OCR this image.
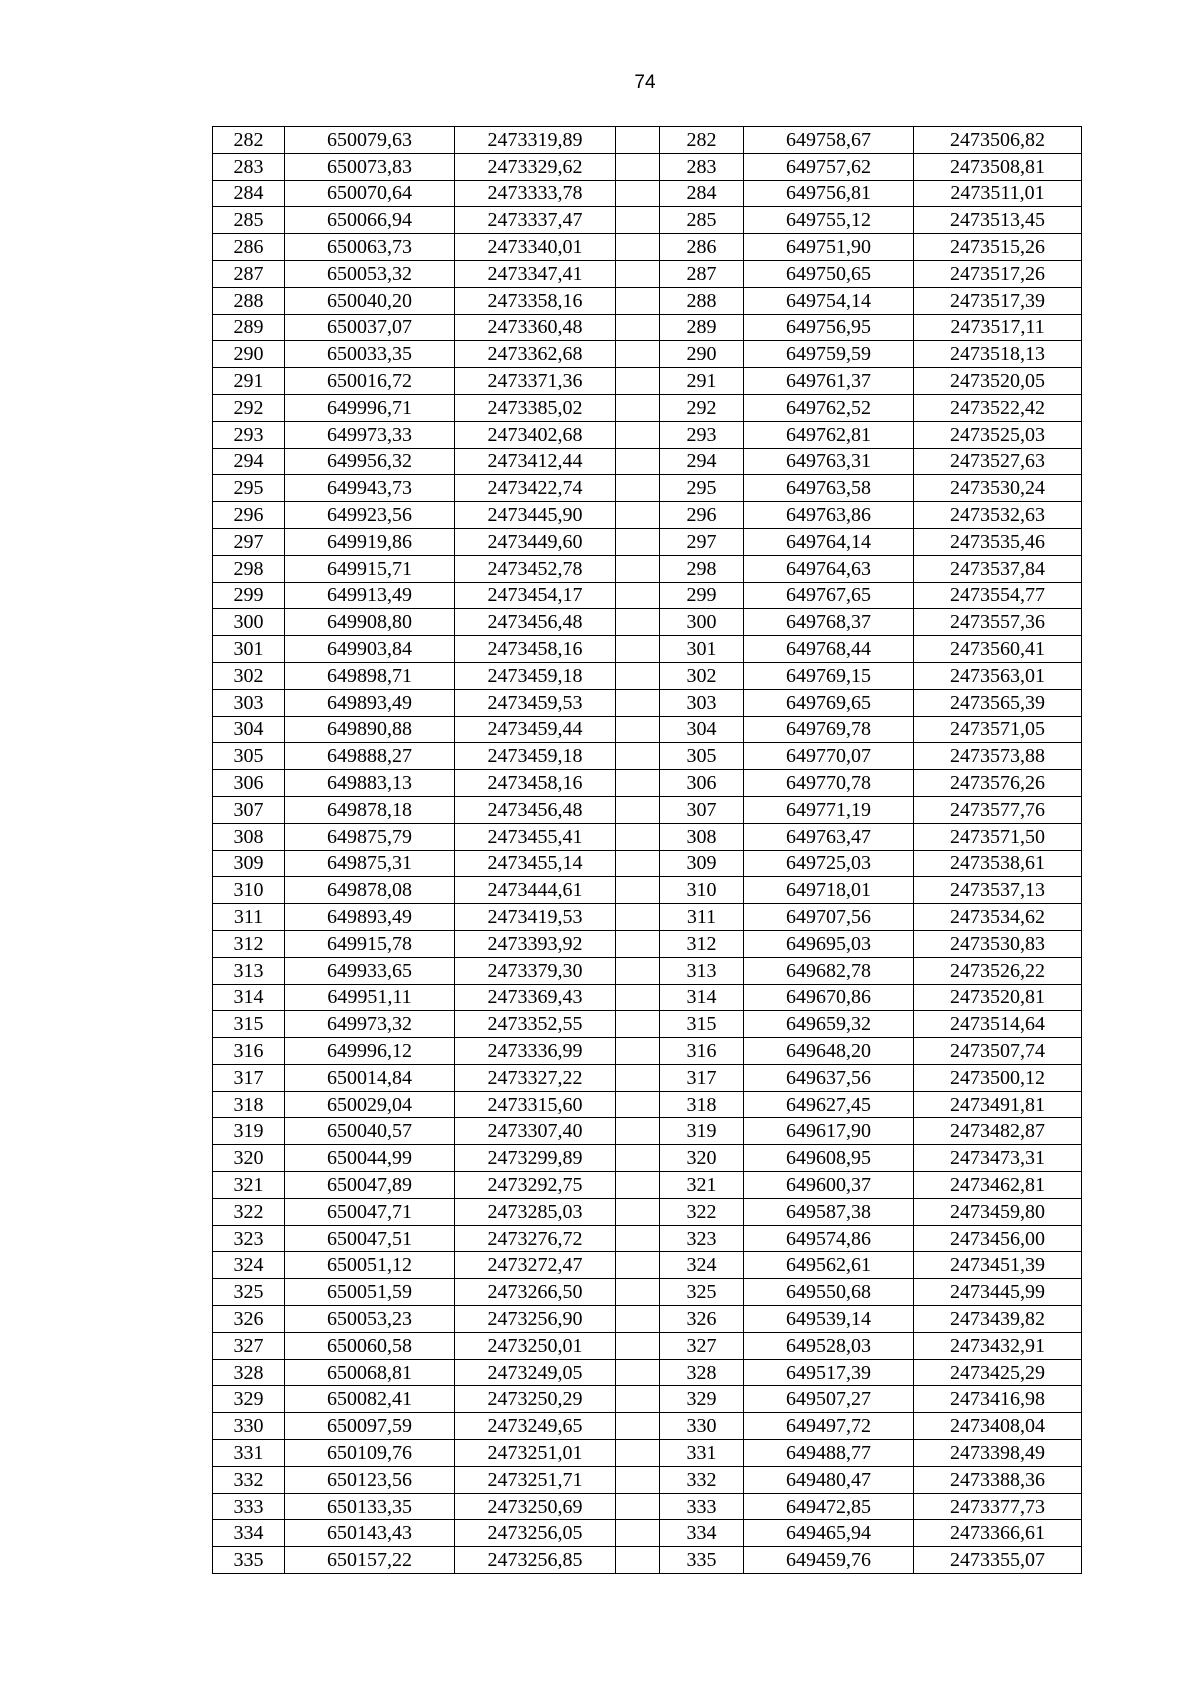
74
282	650079,63	2473319,89		282	649758,67	2473506,82
283	650073,83	2473329,62		283	649757,62	2473508,81
284	650070,64	2473333,78		284	649756,81	2473511,01
285	650066,94	2473337,47		285	649755,12	2473513,45
286	650063,73	2473340,01		286	649751,90	2473515,26
287	650053,32	2473347,41		287	649750,65	2473517,26
288	650040,20	2473358,16		288	649754,14	2473517,39
289	650037,07	2473360,48		289	649756,95	2473517,11
290	650033,35	2473362,68		290	649759,59	2473518,13
291	650016,72	2473371,36		291	649761,37	2473520,05
292	649996,71	2473385,02		292	649762,52	2473522,42
293	649973,33	2473402,68		293	649762,81	2473525,03
294	649956,32	2473412,44		294	649763,31	2473527,63
295	649943,73	2473422,74		295	649763,58	2473530,24
296	649923,56	2473445,90		296	649763,86	2473532,63
297	649919,86	2473449,60		297	649764,14	2473535,46
298	649915,71	2473452,78		298	649764,63	2473537,84
299	649913,49	2473454,17		299	649767,65	2473554,77
300	649908,80	2473456,48		300	649768,37	2473557,36
301	649903,84	2473458,16		301	649768,44	2473560,41
302	649898,71	2473459,18		302	649769,15	2473563,01
303	649893,49	2473459,53		303	649769,65	2473565,39
304	649890,88	2473459,44		304	649769,78	2473571,05
305	649888,27	2473459,18		305	649770,07	2473573,88
306	649883,13	2473458,16		306	649770,78	2473576,26
307	649878,18	2473456,48		307	649771,19	2473577,76
308	649875,79	2473455,41		308	649763,47	2473571,50
309	649875,31	2473455,14		309	649725,03	2473538,61
310	649878,08	2473444,61		310	649718,01	2473537,13
311	649893,49	2473419,53		311	649707,56	2473534,62
312	649915,78	2473393,92		312	649695,03	2473530,83
313	649933,65	2473379,30		313	649682,78	2473526,22
314	649951,11	2473369,43		314	649670,86	2473520,81
315	649973,32	2473352,55		315	649659,32	2473514,64
316	649996,12	2473336,99		316	649648,20	2473507,74
317	650014,84	2473327,22		317	649637,56	2473500,12
318	650029,04	2473315,60		318	649627,45	2473491,81
319	650040,57	2473307,40		319	649617,90	2473482,87
320	650044,99	2473299,89		320	649608,95	2473473,31
321	650047,89	2473292,75		321	649600,37	2473462,81
322	650047,71	2473285,03		322	649587,38	2473459,80
323	650047,51	2473276,72		323	649574,86	2473456,00
324	650051,12	2473272,47		324	649562,61	2473451,39
325	650051,59	2473266,50		325	649550,68	2473445,99
326	650053,23	2473256,90		326	649539,14	2473439,82
327	650060,58	2473250,01		327	649528,03	2473432,91
328	650068,81	2473249,05		328	649517,39	2473425,29
329	650082,41	2473250,29		329	649507,27	2473416,98
330	650097,59	2473249,65		330	649497,72	2473408,04
331	650109,76	2473251,01		331	649488,77	2473398,49
332	650123,56	2473251,71		332	649480,47	2473388,36
333	650133,35	2473250,69		333	649472,85	2473377,73
334	650143,43	2473256,05		334	649465,94	2473366,61
335	650157,22	2473256,85		335	649459,76	2473355,07
